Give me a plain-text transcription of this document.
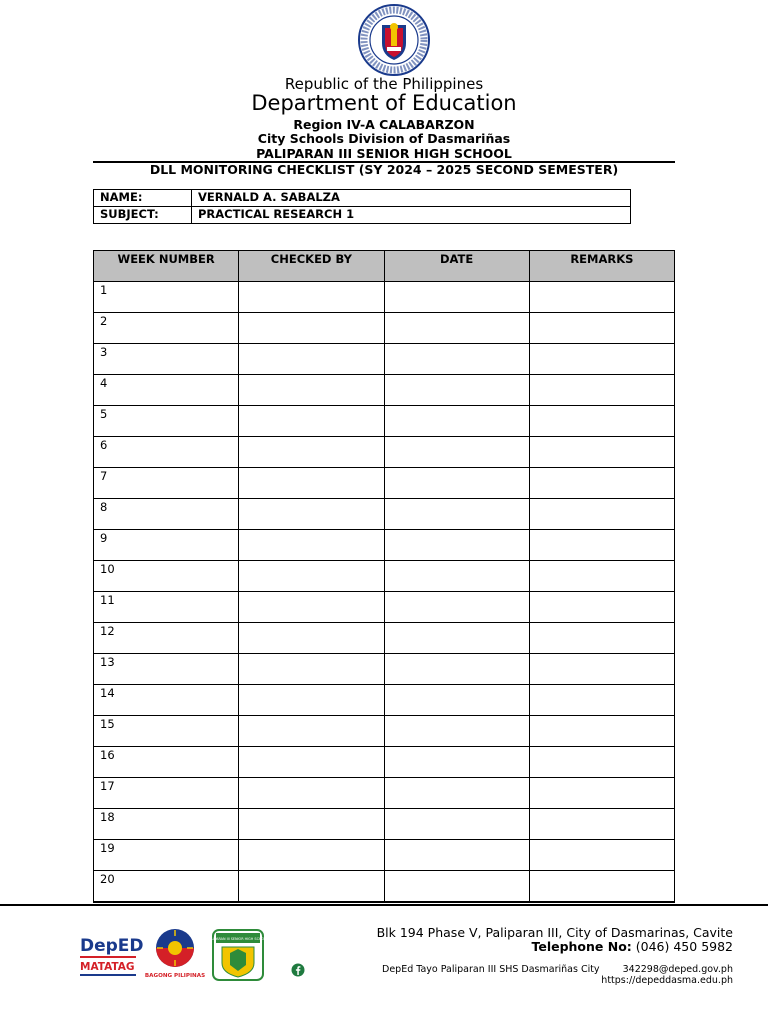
Republic of the Philippines
Department of Education
Region IV-A CALABARZON
City Schools Division of Dasmariñas
PALIPARAN III SENIOR HIGH SCHOOL
DLL MONITORING CHECKLIST (SY 2024 – 2025 SECOND SEMESTER)
NAME:	VERNALD A. SABALZA
SUBJECT:	PRACTICAL RESEARCH 1
WEEK NUMBER	CHECKED BY	DATE	REMARKS
1			
2			
3			
4			
5			
6			
7			
8			
9			
10			
11			
12			
13			
14			
15			
16			
17			
18			
19			
20			
DepED
MATATAG
BAGONG PILIPINAS
PALIPARAN III SENIOR HIGH SCHOOL	Blk 194 Phase V, Paliparan III, City of Dasmarinas, Cavite
Telephone No: (046) 450 5982
DepEd Tayo Paliparan III SHS Dasmariñas City 342298@deped.gov.ph
https://depeddasma.edu.ph
